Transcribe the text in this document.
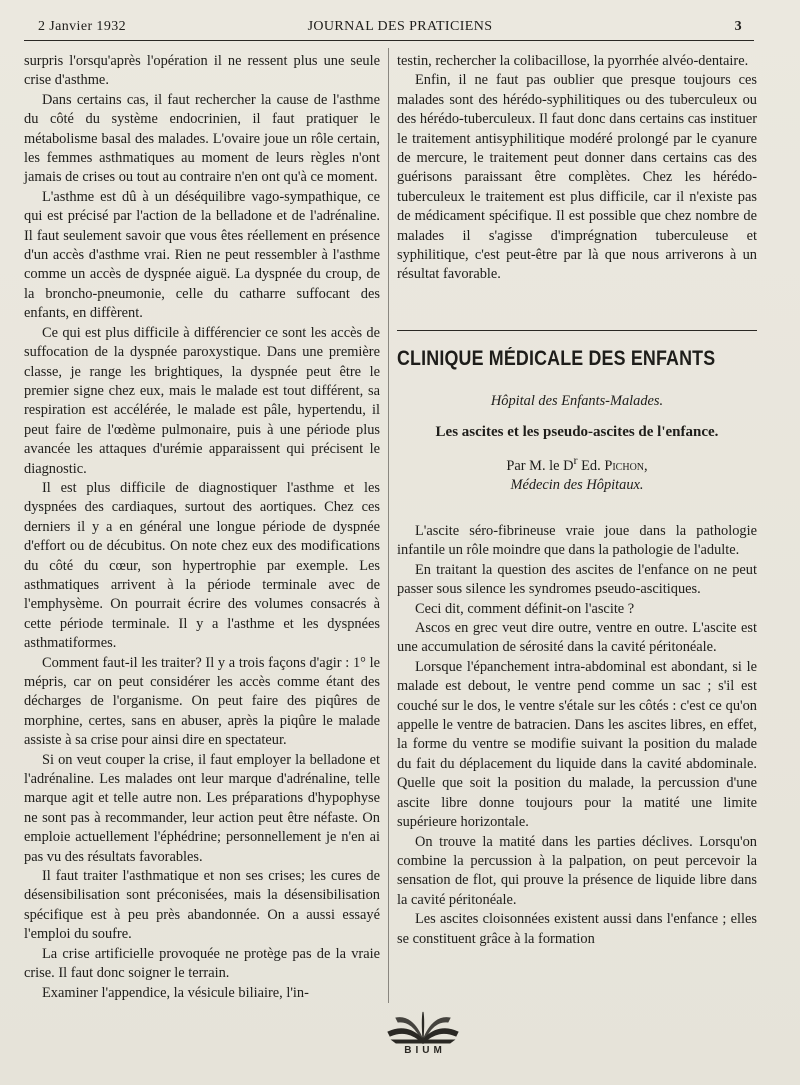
2 Janvier 1932	JOURNAL DES PRATICIENS	3

surpris l'orsqu'après l'opération il ne ressent plus une seule crise d'asthme.

Dans certains cas, il faut rechercher la cause de l'asthme du côté du système endocrinien, il faut pratiquer le métabolisme basal des malades. L'ovaire joue un rôle certain, les femmes asthmatiques au moment de leurs règles n'ont jamais de crises ou tout au contraire n'en ont qu'à ce moment.

L'asthme est dû à un déséquilibre vago-sympathique, ce qui est précisé par l'action de la belladone et de l'adrénaline. Il faut seulement savoir que vous êtes réellement en présence d'un accès d'asthme vrai. Rien ne peut ressembler à l'asthme comme un accès de dyspnée aiguë. La dyspnée du croup, de la broncho-pneumonie, celle du catharre suffocant des enfants, en diffèrent.

Ce qui est plus difficile à différencier ce sont les accès de suffocation de la dyspnée paroxystique. Dans une première classe, je range les brightiques, la dyspnée peut être le premier signe chez eux, mais le malade est tout différent, sa respiration est accélérée, le malade est pâle, hypertendu, il peut faire de l'œdème pulmonaire, puis à une période plus avancée les attaques d'urémie apparaissent qui précisent le diagnostic.

Il est plus difficile de diagnostiquer l'asthme et les dyspnées des cardiaques, surtout des aortiques. Chez ces derniers il y a en général une longue période de dyspnée d'effort ou de décubitus. On note chez eux des modifications du côté du cœur, son hypertrophie par exemple. Les asthmatiques arrivent à la période terminale avec de l'emphysème. On pourrait écrire des volumes consacrés à cette période terminale. Il y a l'asthme et les dyspnées asthmatiformes.

Comment faut-il les traiter? Il y a trois façons d'agir : 1° le mépris, car on peut considérer les accès comme étant des décharges de l'organisme. On peut faire des piqûres de morphine, certes, sans en abuser, après la piqûre le malade assiste à sa crise pour ainsi dire en spectateur.

Si on veut couper la crise, il faut employer la belladone et l'adrénaline. Les malades ont leur marque d'adrénaline, telle marque agit et telle autre non. Les préparations d'hypophyse ne sont pas à recommander, leur action peut être néfaste. On emploie actuellement l'éphédrine; personnellement je n'en ai pas vu des résultats favorables.

Il faut traiter l'asthmatique et non ses crises; les cures de désensibilisation sont préconisées, mais la désensibilisation spécifique est à peu près abandonnée. On a aussi essayé l'emploi du soufre.

La crise artificielle provoquée ne protège pas de la vraie crise. Il faut donc soigner le terrain.

Examiner l'appendice, la vésicule biliaire, l'in-

testin, rechercher la colibacillose, la pyorrhée alvéo-dentaire.

Enfin, il ne faut pas oublier que presque toujours ces malades sont des hérédo-syphilitiques ou des tuberculeux ou des hérédo-tuberculeux. Il faut donc dans certains cas instituer le traitement antisyphilitique modéré prolongé par le cyanure de mercure, le traitement peut donner dans certains cas des guérisons paraissant être complètes. Chez les hérédo-tuberculeux le traitement est plus difficile, car il n'existe pas de médicament spécifique. Il est possible que chez nombre de malades il s'agisse d'imprégnation tuberculeuse et syphilitique, c'est peut-être par là que nous arriverons à un résultat favorable.

CLINIQUE MÉDICALE DES ENFANTS
Hôpital des Enfants-Malades.
Les ascites et les pseudo-ascites de l'enfance.
Par M. le $D^r$ Ed. Pichon,
Médecin des Hôpitaux.

L'ascite séro-fibrineuse vraie joue dans la pathologie infantile un rôle moindre que dans la pathologie de l'adulte.

En traitant la question des ascites de l'enfance on ne peut passer sous silence les syndromes pseudo-ascitiques.

Ceci dit, comment définit-on l'ascite ?

Ascos en grec veut dire outre, ventre en outre. L'ascite est une accumulation de sérosité dans la cavité péritonéale.

Lorsque l'épanchement intra-abdominal est abondant, si le malade est debout, le ventre pend comme un sac ; s'il est couché sur le dos, le ventre s'étale sur les côtés : c'est ce qu'on appelle le ventre de batracien. Dans les ascites libres, en effet, la forme du ventre se modifie suivant la position du malade du fait du déplacement du liquide dans la cavité abdominale. Quelle que soit la position du malade, la percussion d'une ascite libre donne toujours pour la matité une limite supérieure horizontale.

On trouve la matité dans les parties déclives. Lorsqu'on combine la percussion à la palpation, on peut percevoir la sensation de flot, qui prouve la présence de liquide libre dans la cavité péritonéale.

Les ascites cloisonnées existent aussi dans l'enfance ; elles se constituent grâce à la formation

BIUM
